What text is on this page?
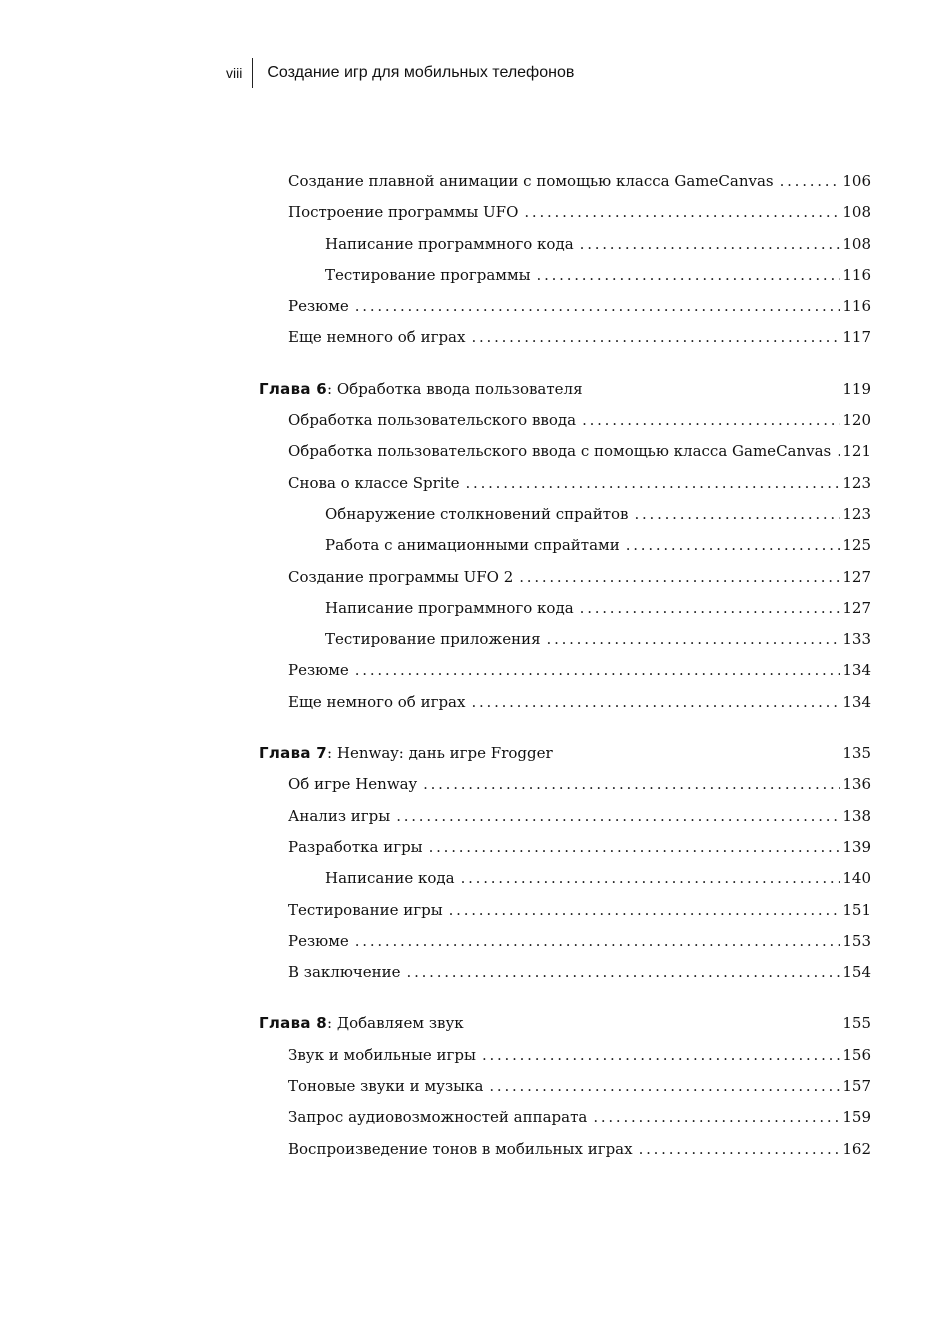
viii	Создание игр для мобильных телефонов
Создание плавной анимации с помощью класса GameCanvas . . .	106
Построение программы UFO . . .	108
Написание программного кода . . .	108
Тестирование программы . . .	116
Резюме . . .	116
Еще немного об играх . . .	117
Глава 6 : Обработка ввода пользователя	119
Обработка пользовательского ввода . . .	120
Обработка пользовательского ввода с помощью класса GameCanvas . . . 121
Снова о классе Sprite . . .	123
Обнаружение столкновений спрайтов . . .	123
Работа с анимационными спрайтами . . .	125
Создание программы UFO 2 . . .	127
Написание программного кода . . .	127
Тестирование приложения . . .	133
Резюме . . .	134
Еще немного об играх . . .	134
Глава 7 : Henway: дань игре Frogger	135
Об игре Henway . . .	136
Анализ игры . . .	138
Разработка игры . . .	139
Написание кода . . .	140
Тестирование игры . . .	151
Резюме . . .	153
В заключение . . .	154
Глава 8 : Добавляем звук	155
Звук и мобильные игры . . .	156
Тоновые звуки и музыка . . .	157
Запрос аудиовозможностей аппарата . . .	159
Воспроизведение тонов в мобильных играх . . .	162
